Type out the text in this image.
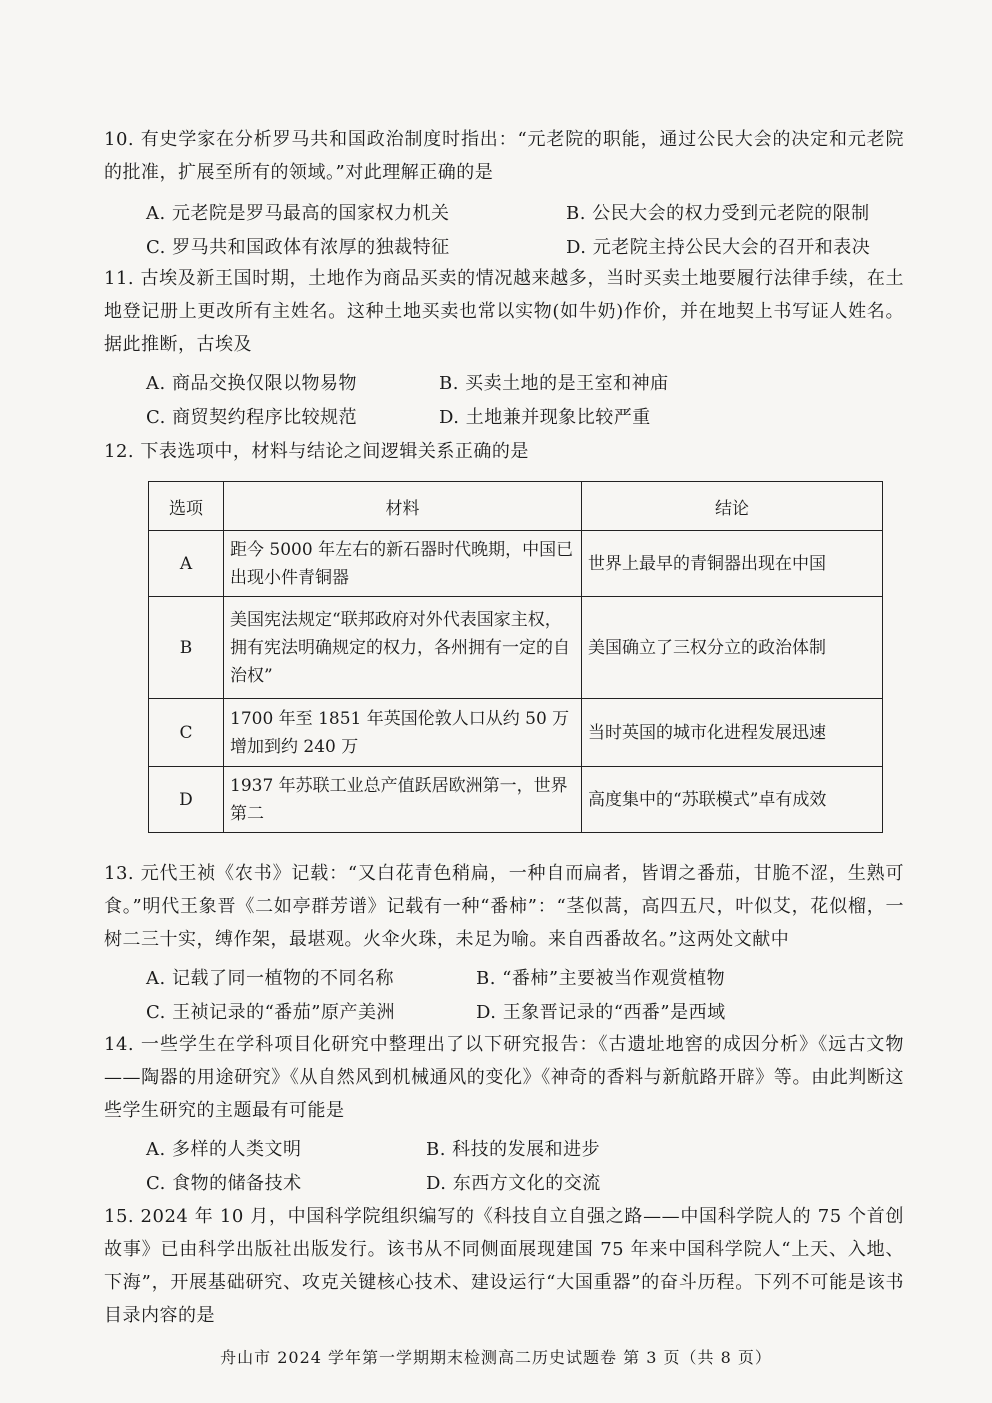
10. 有史学家在分析罗马共和国政治制度时指出：“元老院的职能，通过公民大会的决定和元老院的批准，扩展至所有的领域。”对此理解正确的是

A. 元老院是罗马最高的国家权力机关	B. 公民大会的权力受到元老院的限制
C. 罗马共和国政体有浓厚的独裁特征	D. 元老院主持公民大会的召开和表决

11. 古埃及新王国时期，土地作为商品买卖的情况越来越多，当时买卖土地要履行法律手续，在土地登记册上更改所有主姓名。这种土地买卖也常以实物(如牛奶)作价，并在地契上书写证人姓名。据此推断，古埃及

A. 商品交换仅限以物易物	B. 买卖土地的是王室和神庙
C. 商贸契约程序比较规范	D. 土地兼并现象比较严重

12. 下表选项中，材料与结论之间逻辑关系正确的是

选项	材料	结论
A	距今 5000 年左右的新石器时代晚期，中国已出现小件青铜器	世界上最早的青铜器出现在中国
B	美国宪法规定“联邦政府对外代表国家主权，拥有宪法明确规定的权力，各州拥有一定的自治权”	美国确立了三权分立的政治体制
C	1700 年至 1851 年英国伦敦人口从约 50 万增加到约 240 万	当时英国的城市化进程发展迅速
D	1937 年苏联工业总产值跃居欧洲第一，世界第二	高度集中的“苏联模式”卓有成效

13. 元代王祯《农书》记载：“又白花青色稍扁，一种自而扁者，皆谓之番茄，甘脆不涩，生熟可食。”明代王象晋《二如亭群芳谱》记载有一种“番柿”：“茎似蒿，高四五尺，叶似艾，花似榴，一树二三十实，缚作架，最堪观。火伞火珠，未足为喻。来自西番故名。”这两处文献中

A. 记载了同一植物的不同名称	B. “番柿”主要被当作观赏植物
C. 王祯记录的“番茄”原产美洲	D. 王象晋记录的“西番”是西域

14. 一些学生在学科项目化研究中整理出了以下研究报告：《古遗址地窖的成因分析》《远古文物——陶器的用途研究》《从自然风到机械通风的变化》《神奇的香料与新航路开辟》等。由此判断这些学生研究的主题最有可能是

A. 多样的人类文明	B. 科技的发展和进步
C. 食物的储备技术	D. 东西方文化的交流

15. 2024 年 10 月，中国科学院组织编写的《科技自立自强之路——中国科学院人的 75 个首创故事》已由科学出版社出版发行。该书从不同侧面展现建国 75 年来中国科学院人“上天、入地、下海”，开展基础研究、攻克关键核心技术、建设运行“大国重器”的奋斗历程。下列不可能是该书目录内容的是

舟山市 2024 学年第一学期期末检测高二历史试题卷 第 3 页（共 8 页）
